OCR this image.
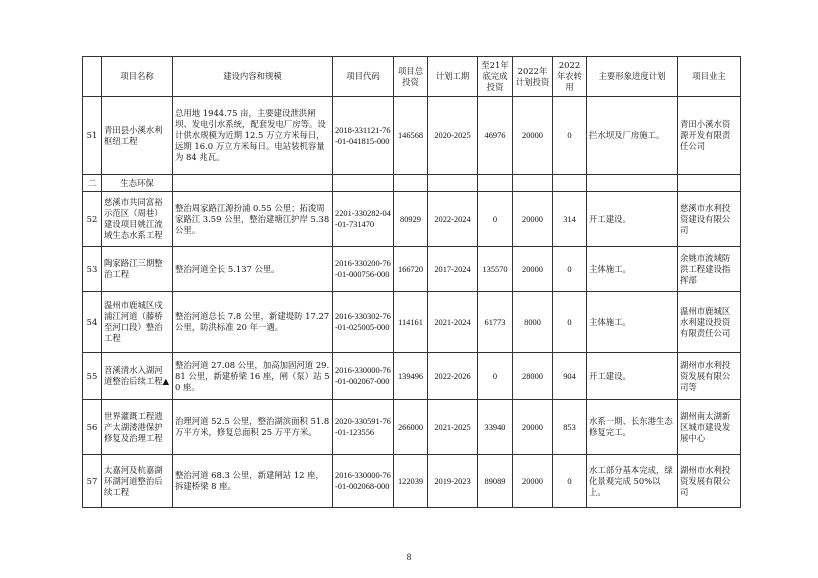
	项目名称	建设内容和规模	项目代码	项目总投资	计划工期	至21年底完成投资	2022年计划投资	2022年农转用	主要形象进度计划	项目业主
51	青田县小溪水利枢纽工程	总用地 1944.75 亩，主要建设泄洪闸坝、发电引水系统，配套发电厂房等。设计供水规模为近期 12.5 万立方米每日，远期 16.0 万立方米每日。电站装机容量为 84 兆瓦。	2018-331121-76-01-041815-000	146568	2020-2025	46976	20000	0	拦水坝及厂房施工。	青田小溪水资源开发有限责任公司
二	生态环保									
52	慈溪市共同富裕示范区（周巷）建设项目姚江流域生态水系工程	整治周家路江源扮浦 0.55 公里；拓浚周家路江 3.59 公里，整治建塘江护岸 5.38 公里。	2201-330282-04-01-731470	80929	2022-2024	0	20000	314	开工建设。	慈溪市水利投资建设有限公司
53	陶家路江三期整治工程	整治河道全长 5.137 公里。	2016-330200-76-01-000756-000	166720	2017-2024	135570	20000	0	主体施工。	余姚市流域防洪工程建设指挥部
54	温州市鹿城区戍浦江河道（藤桥至河口段）整治工程	整治河道总长 7.8 公里，新建堤防 17.27 公里，防洪标准 20 年一遇。	2016-330302-76-01-025005-000	114161	2021-2024	61773	8000	0	主体施工。	温州市鹿城区水利建设投资有限责任公司
55	苕溪清水入湖河道整治后续工程▲	整治河道 27.08 公里，加高加固河道 29.81 公里，新建桥梁 16 座，闸（泵）站 50 座。	2016-330000-76-01-002067-000	139496	2022-2026	0	28000	904	开工建设。	湖州市水利投资发展有限公司等
56	世界灌溉工程遗产太湖溇港保护修复及治理工程	治理河道 52.5 公里，整治湖滨面积 51.8 万平方米，修复总面积 25 万平方米。	2020-330591-76-01-123556	266000	2021-2025	33940	20000	853	水系一期、长东港生态修复完工。	湖州南太湖新区城市建设发展中心
57	太嘉河及杭嘉湖环湖河道整治后续工程	整治河道 68.3 公里，新建闸站 12 座，拆建桥梁 8 座。	2016-330000-76-01-002068-000	122039	2019-2023	89089	20000	0	水工部分基本完成，绿化景观完成 50%以上。	湖州市水利投资发展有限公司
8
